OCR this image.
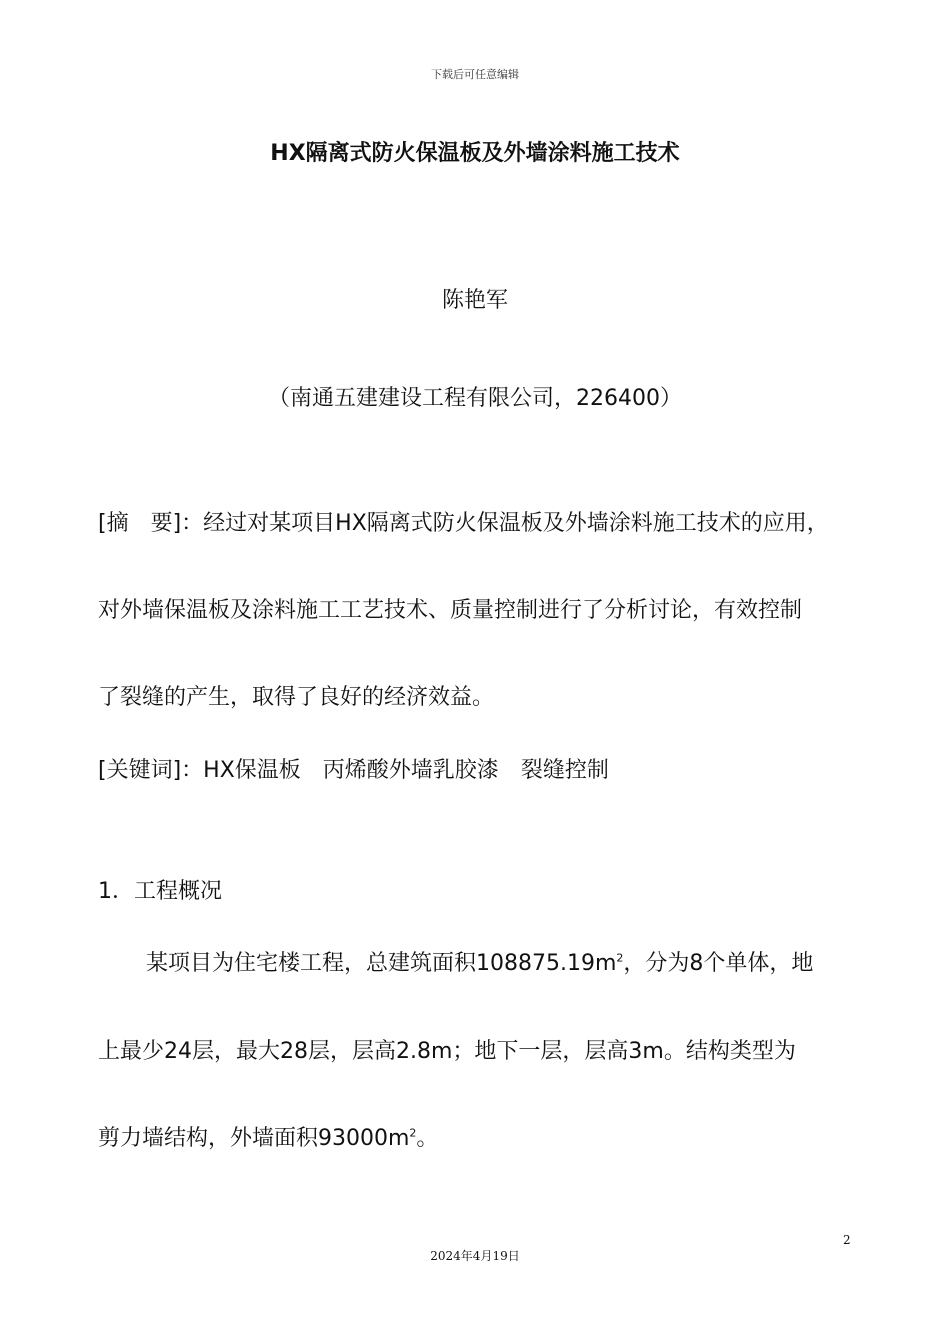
下载后可任意编辑
HX隔离式防火保温板及外墙涂料施工技术
陈艳军
（南通五建建设工程有限公司，226400）
[摘　要]：经过对某项目HX隔离式防火保温板及外墙涂料施工技术的应用，
对外墙保温板及涂料施工工艺技术、质量控制进行了分析讨论，有效控制
了裂缝的产生，取得了良好的经济效益。
[关键词]：HX保温板 丙烯酸外墙乳胶漆 裂缝控制
1．工程概况
某项目为住宅楼工程，总建筑面积$108875.19m^2$，分为8个单体，地
上最少24层，最大28层，层高2.8m；地下一层，层高3m。结构类型为
剪力墙结构，外墙面积$93000m^2$。
2
2024年4月19日
